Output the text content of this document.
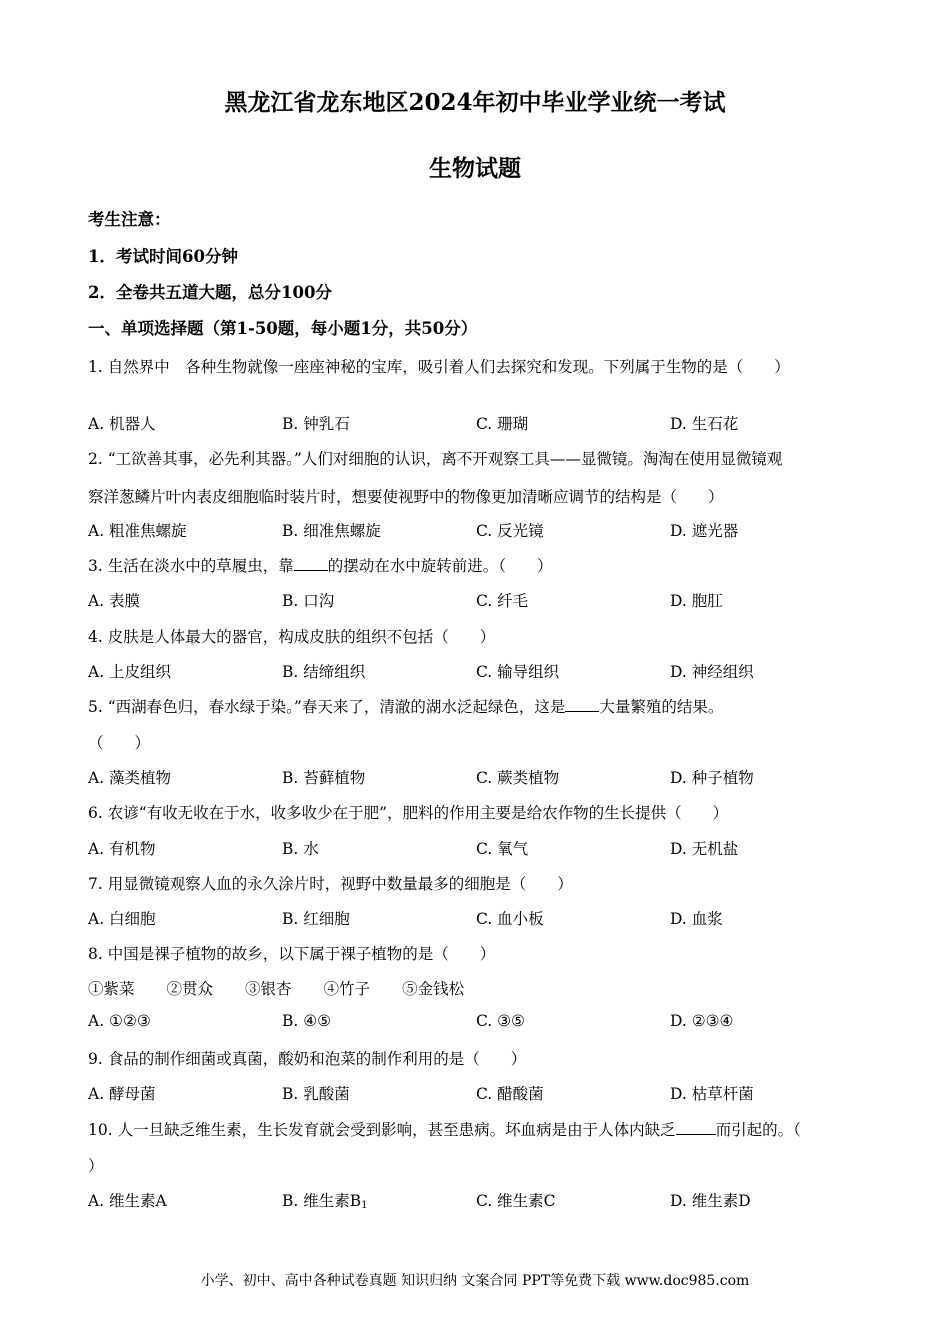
黑龙江省龙东地区2024年初中毕业学业统一考试
生物试题
考生注意：
1．考试时间60分钟
2．全卷共五道大题，总分100分
一、单项选择题（第1-50题，每小题1分，共50分）
1. 自然界中　各种生物就像一座座神秘的宝库，吸引着人们去探究和发现。下列属于生物的是（　　）
A. 机器人	B. 钟乳石	C. 珊瑚	D. 生石花
2. “工欲善其事，必先利其器。”人们对细胞的认识，离不开观察工具——显微镜。淘淘在使用显微镜观
察洋葱鳞片叶内表皮细胞临时装片时，想要使视野中的物像更加清晰应调节的结构是（　　）
A. 粗准焦螺旋	B. 细准焦螺旋	C. 反光镜	D. 遮光器
3. 生活在淡水中的草履虫，靠 的摆动在水中旋转前进。（　　）
A. 表膜	B. 口沟	C. 纤毛	D. 胞肛
4. 皮肤是人体最大的器官，构成皮肤的组织不包括（　　）
A. 上皮组织	B. 结缔组织	C. 输导组织	D. 神经组织
5. “西湖春色归，春水绿于染。”春天来了，清澈的湖水泛起绿色，这是 大量繁殖的结果。
（　　）
A. 藻类植物	B. 苔藓植物	C. 蕨类植物	D. 种子植物
6. 农谚“有收无收在于水，收多收少在于肥”，肥料的作用主要是给农作物的生长提供（　　）
A. 有机物	B. 水	C. 氧气	D. 无机盐
7. 用显微镜观察人血的永久涂片时，视野中数量最多的细胞是（　　）
A. 白细胞	B. 红细胞	C. 血小板	D. 血浆
8. 中国是裸子植物的故乡，以下属于裸子植物的是（　　）
①紫菜 ②贯众 ③银杏 ④竹子 ⑤金钱松
A. ①②③	B. ④⑤	C. ③⑤	D. ②③④
9. 食品的制作细菌或真菌，酸奶和泡菜的制作利用的是（　　）
A. 酵母菌	B. 乳酸菌	C. 醋酸菌	D. 枯草杆菌
10. 人一旦缺乏维生素，生长发育就会受到影响，甚至患病。坏血病是由于人体内缺乏	而引起的。（
）
A. 维生素A	B. 维生素$B_1$	C. 维生素C	D. 维生素D
小学、初中、高中各种试卷真题 知识归纳 文案合同 PPT等免费下载 www.doc985.com
